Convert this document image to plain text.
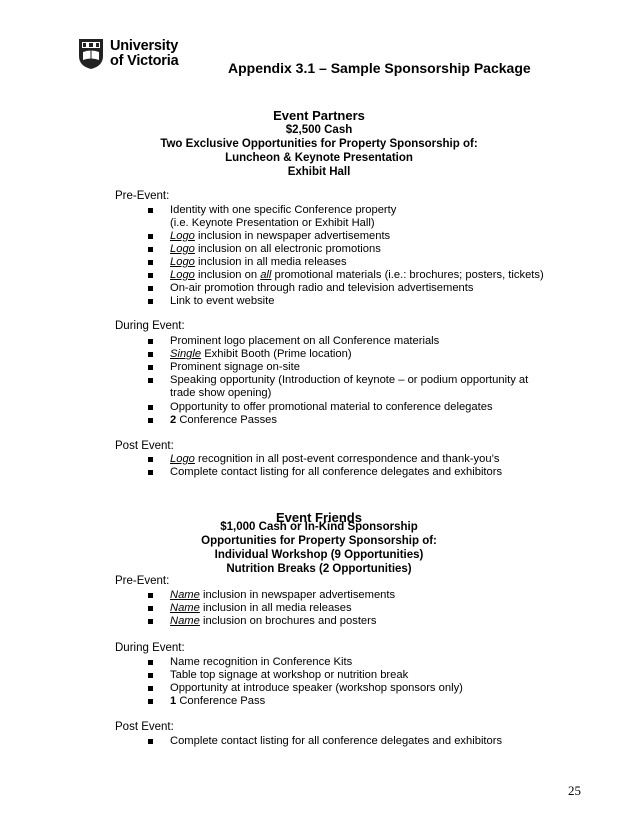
University
of Victoria	Appendix 3.1 – Sample Sponsorship Package
Event Partners
$2,500 Cash
Two Exclusive Opportunities for Property Sponsorship of:
Luncheon & Keynote Presentation
Exhibit Hall
Pre-Event:
Identity with one specific Conference property
(i.e. Keynote Presentation or Exhibit Hall)
Logo inclusion in newspaper advertisements
Logo inclusion on all electronic promotions
Logo inclusion in all media releases
Logo inclusion on all promotional materials (i.e.: brochures; posters, tickets)
On-air promotion through radio and television advertisements
Link to event website
During Event:
Prominent logo placement on all Conference materials
Single Exhibit Booth (Prime location)
Prominent signage on-site
Speaking opportunity (Introduction of keynote – or podium opportunity at
trade show opening)
Opportunity to offer promotional material to conference delegates
2 Conference Passes
Post Event:
Logo recognition in all post-event correspondence and thank-you’s
Complete contact listing for all conference delegates and exhibitors
Event Friends
$1,000 Cash or In-Kind Sponsorship
Opportunities for Property Sponsorship of:
Individual Workshop (9 Opportunities)
Nutrition Breaks (2 Opportunities)
Pre-Event:
Name inclusion in newspaper advertisements
Name inclusion in all media releases
Name inclusion on brochures and posters
During Event:
Name recognition in Conference Kits
Table top signage at workshop or nutrition break
Opportunity at introduce speaker (workshop sponsors only)
1 Conference Pass
Post Event:
Complete contact listing for all conference delegates and exhibitors
25
